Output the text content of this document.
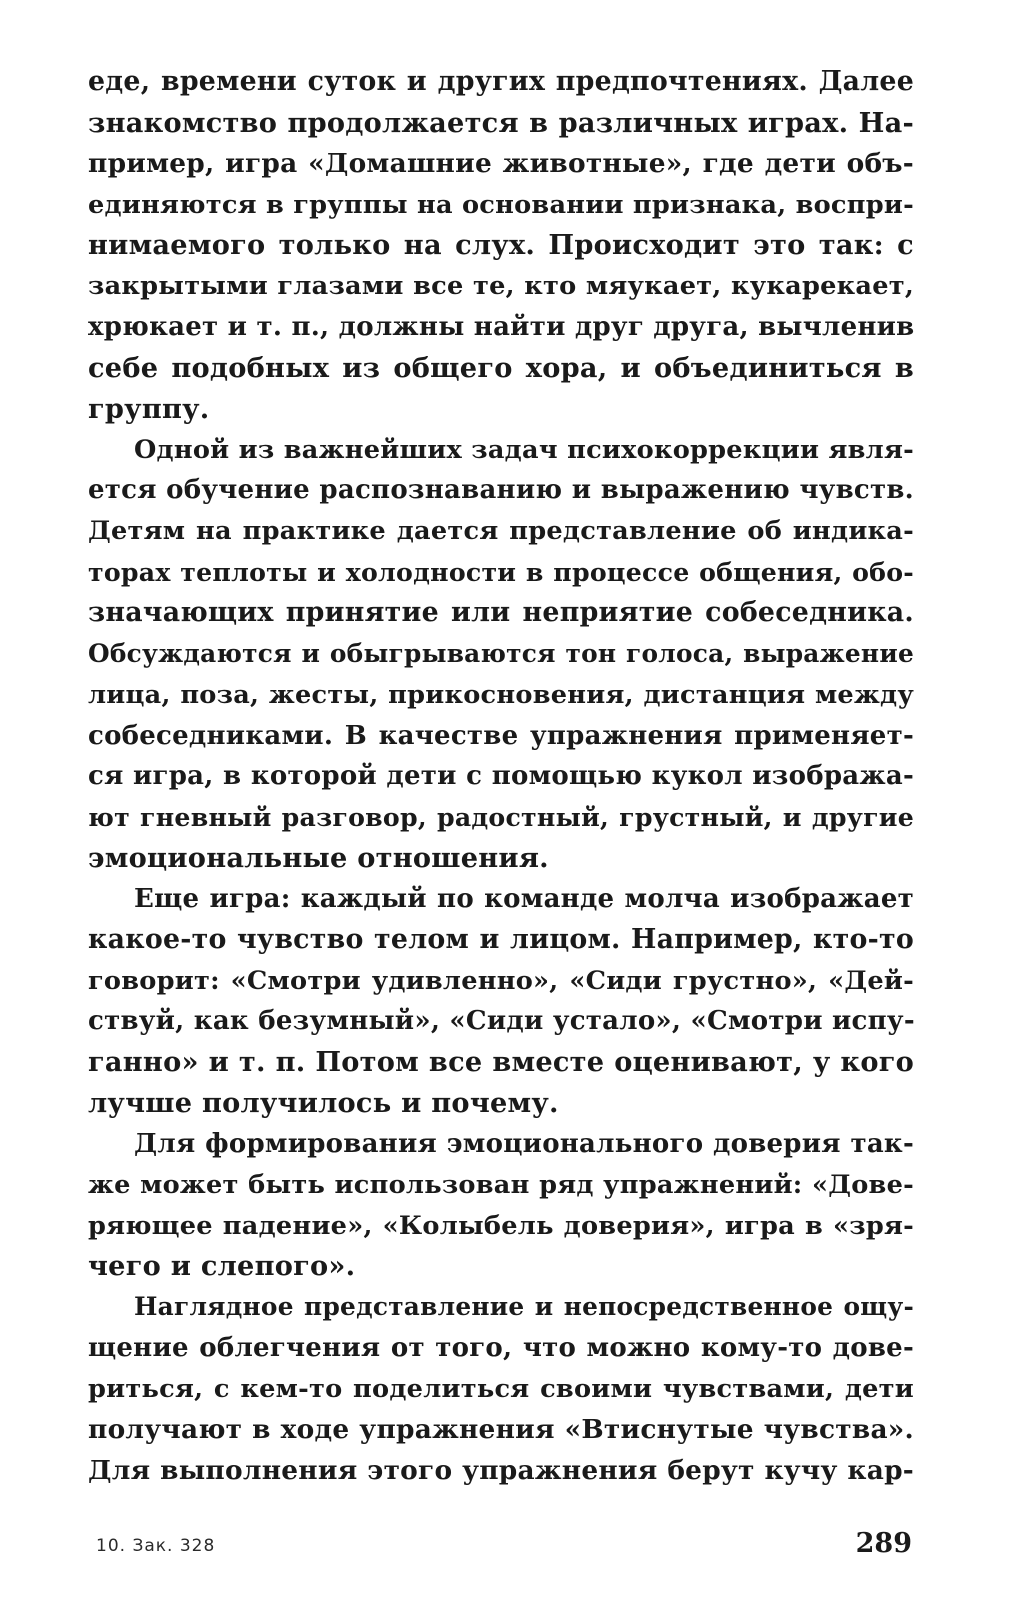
еде, времени суток и других предпочтениях. Далее
знакомство продолжается в различных играх. На-
пример, игра «Домашние животные», где дети объ-
единяются в группы на основании признака, воспри-
нимаемого только на слух. Происходит это так: с
закрытыми глазами все те, кто мяукает, кукарекает,
хрюкает и т. п., должны найти друг друга, вычленив
себе подобных из общего хора, и объединиться в
группу.
Одной из важнейших задач психокоррекции явля-
ется обучение распознаванию и выражению чувств.
Детям на практике дается представление об индика-
торах теплоты и холодности в процессе общения, обо-
значающих принятие или неприятие собеседника.
Обсуждаются и обыгрываются тон голоса, выражение
лица, поза, жесты, прикосновения, дистанция между
собеседниками. В качестве упражнения применяет-
ся игра, в которой дети с помощью кукол изобража-
ют гневный разговор, радостный, грустный, и другие
эмоциональные отношения.
Еще игра: каждый по команде молча изображает
какое-то чувство телом и лицом. Например, кто-то
говорит: «Смотри удивленно», «Сиди грустно», «Дей-
ствуй, как безумный», «Сиди устало», «Смотри испу-
ганно» и т. п. Потом все вместе оценивают, у кого
лучше получилось и почему.
Для формирования эмоционального доверия так-
же может быть использован ряд упражнений: «Дове-
ряющее падение», «Колыбель доверия», игра в «зря-
чего и слепого».
Наглядное представление и непосредственное ощу-
щение облегчения от того, что можно кому-то дове-
риться, с кем-то поделиться своими чувствами, дети
получают в ходе упражнения «Втиснутые чувства».
Для выполнения этого упражнения берут кучу кар-
10. Зак. 328	289
